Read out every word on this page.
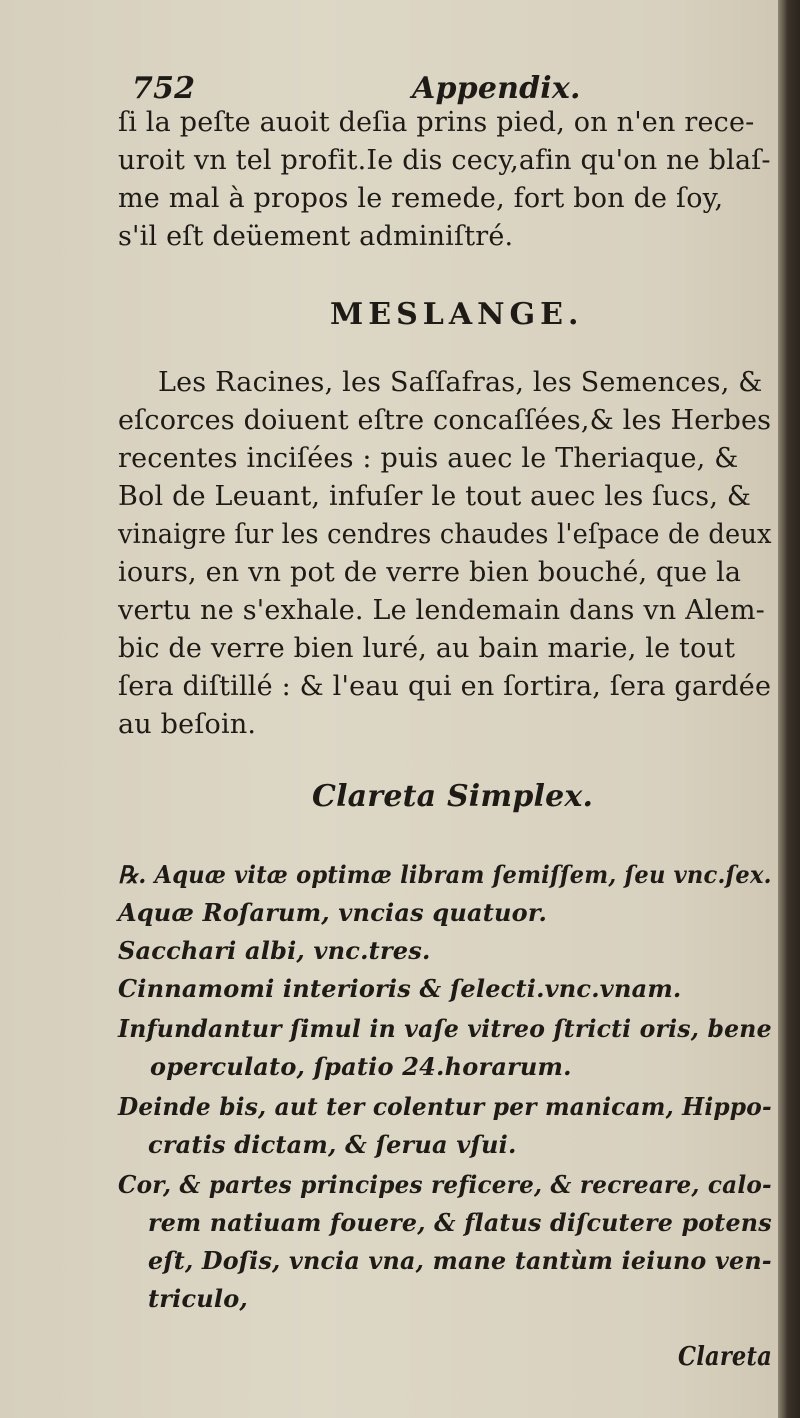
752	Appendix.
ſi la peſte auoit deſia prins pied, on n'en rece-
uroit vn tel profit.Ie dis cecy,afin qu'on ne blaſ-
me mal à propos le remede, fort bon de ſoy,
s'il eſt deüement adminiſtré.
MESLANGE.
Les Racines, les Saſſafras, les Semences, &
eſcorces doiuent eſtre concaſſées,& les Herbes
recentes inciſées : puis auec le Theriaque, &
Bol de Leuant, infuſer le tout auec les ſucs, &
vinaigre ſur les cendres chaudes l'eſpace de deux
iours, en vn pot de verre bien bouché, que la
vertu ne s'exhale. Le lendemain dans vn Alem-
bic de verre bien luré, au bain marie, le tout
ſera diſtillé : & l'eau qui en ſortira, ſera gardée
au beſoin.
Clareta Simplex.
℞. Aquæ vitæ optimæ libram ſemiſſem, ſeu vnc.ſex.
Aquæ Roſarum, vncias quatuor.
Sacchari albi, vnc.tres.
Cinnamomi interioris & ſelecti.vnc.vnam.
Infundantur ſimul in vaſe vitreo ſtricti oris, bene
operculato, ſpatio 24.horarum.
Deinde bis, aut ter colentur per manicam, Hippo-
cratis dictam, & ſerua vſui.
Cor, & partes principes reficere, & recreare, calo-
rem natiuam fouere, & flatus diſcutere potens
eſt, Doſis, vncia vna, mane tantùm ieiuno ven-
triculo,
Clareta
